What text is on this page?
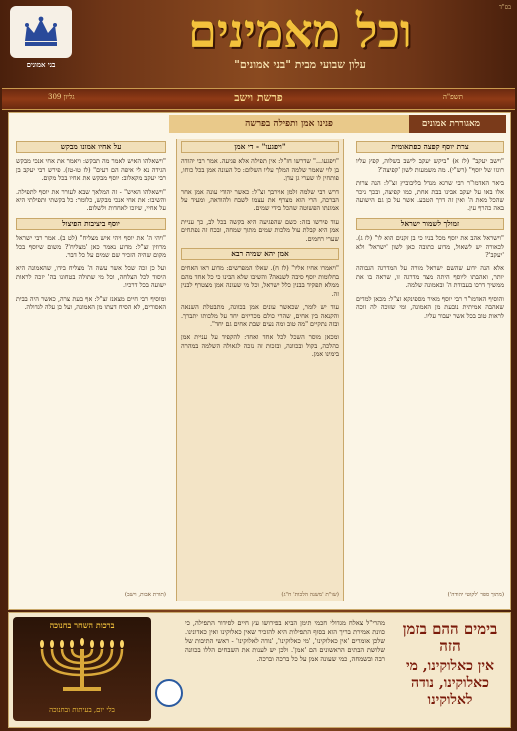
בס"ד
בני אמונים
וכל מאמינים
עלון שבועי מבית "בני אמונים"
תשפ"ה
פרשת וישב
גליון 309
מאגוררת אמונים
פנינו אמן ותפילה בפרשה
צרת יוסף קפצה כפתאומית

"וישב יעקב" (לז א) "ביקש יעקב לישב בשלוה, קפץ עליו רוגזו של יוסף" (רש"י). מה משמעות לשון 'קפיצה'?

ביאר האדמו"ר רבי שרגא מנדל בליבוביץ זצ"ל: הנה צרות אלו באו על יעקב אבינו בבת אחת, כמו קפיצה, ובכך ניכר שהכל מאת ה' ואין זה דרך הטבע. אשר על כן גם הישועה באה כהרף עין.

זמולך לשמור ישראל

"וישראל אהב את יוסף מכל בניו כי בן זקנים הוא לו" (לז ג). לכאורה יש לשאול, מדוע כתובה כאן לשון 'ישראל' ולא 'יעקב'?

אלא הנה ידוע שהשם ישראל מורה על המדרגה הגבוהה יותר, ואהבתו ליוסף היתה מצד מדרגה זו, שראה בו את ממשיך דרכו בעבודת ה' ובאמונה שלמה.

והוסיף האדמו"ר רבי יוסף מאיר מספינקא זצ"ל: מכאן למדים שאהבה אמיתית נובעת מן האמונה, ומי שזוכה לה זוכה לראות טוב בכל אשר יעבור עליו.

(מתוך ספר 'לקוטי יהודה')
"ויפגעו" - די אמן

"ויפגעו..." שדרשו חז"ל: אין תפילה אלא פגיעה. אמר רבי יהודה בן לוי שאמר שלמה המלך עליו השלום: כל העונה אמן בכל כוחו, פותחין לו שערי גן עדן.

דרש רבי שלמה זלמן אוירבך זצ"ל: כאשר יהודי עונה אמן אחר הברכה, הרי הוא מצרף את עצמו לשבח ולהודאה, ומעיד על אמונתו הפשוטה שהכל בידי שמים.

עוד פירשו בזה: כשם שהפגיעה היא בקשה בכל לב, כך עניית אמן היא קבלת עול מלכות שמים מתוך שמחה, ובכח זה נפתחים שערי רחמים.

אמן יהא שמיה רבא

"ויאמרו אחיו אליו" (לז ח). שאלו המפרשים: מדוע ראו האחים בחלומות יוסף סיבה לשנאה? והשיבו שלא הבינו כי כל אחד מהם ממלא תפקיד בבנין כלל ישראל, וכל מי שעונה אמן מצטרף לבנין זה.

עוד יש לומר, שכאשר עונים אמן בכוונה, מתבטלת השנאה והקנאה בין אחים, שהרי כולם מכריזים יחד על מלכותו יתברך. ובזה נתקיים "מה טוב ומה נעים שבת אחים גם יחד".

ומכאן מוסר השכל לכל אחד ואחד: להקפיד על עניית אמן כהלכה, בקול ובכוונה, ובזכות זה נזכה לגאולה השלמה במהרה בימינו אמן.

(שו"ת 'משנה הלכות' ח"ג)
על אחיו אמונו מבקש

"וישאלהו האיש לאמר מה תבקש: ויאמר את אחי אנכי מבקש הגידה נא לי איפה הם רעים" (לז טו-טז). פירש רבי יעקב בן רבי יעקב מקאלוב: יוסף מבקש את אחיו בכל מקום.

"וישאלהו האיש" - זה המלאך שבא לעורר את יוסף לתפילה. והשיבו: את אחי אנכי מבקש, כלומר: כל בקשתי ותפילתי היא על אחיי, שיזכו לאחדות ולשלום.

יוסף ביציבות הפיצול

"ויהי ה' את יוסף ויהי איש מצליח" (לט ב). אמר רבי ישראל מרוזין זצ"ל: מדוע נאמר כאן 'מצליח'? משום שיוסף בכל מקום שהיה הזכיר שם שמים על כל דבר.

ועל כן זכה שכל אשר עשה ה' מצליח בידו, שהאמונה היא היסוד לכל הצלחה, וכל מי שתולה בטחונו בה' יזכה לראות ישועה בכל דרכיו.

ומוסיף רבי חיים מצאנז זצ"ל: אף בעת צרה, כאשר היה בבית האסורים, לא הסיח דעתו מן האמונה, ועל כן עלה לגדולה.

(תורת אבות, וישב)
ברכות השחר בחנוכה
בלי יום, בעיתות ובחנוכה
מהרי"ל צאלח מגדולי חכמי תימן הביא בפירושו עץ חיים לסידור התפילה, כי כוונת אמירת בריך הוא בסוף התפילות היא להזכיר שאין כאלוקינו ואין כאדונינו. שלכן אומרים 'אין כאלוקינו', 'מי כאלוקינו', 'נודה לאלוקינו' - ראשי התיבות של שלושת הבתים הראשונים הם 'אמן'. ולכן יש לענות את השבחים הללו בכוונה רבה ובשמחה, כמי שעונה אמן על כל ברכה וברכה.
בימים ההם בזמן הזה
אין כאלוקינו, מי כאלוקינו, נודה לאלוקינו
